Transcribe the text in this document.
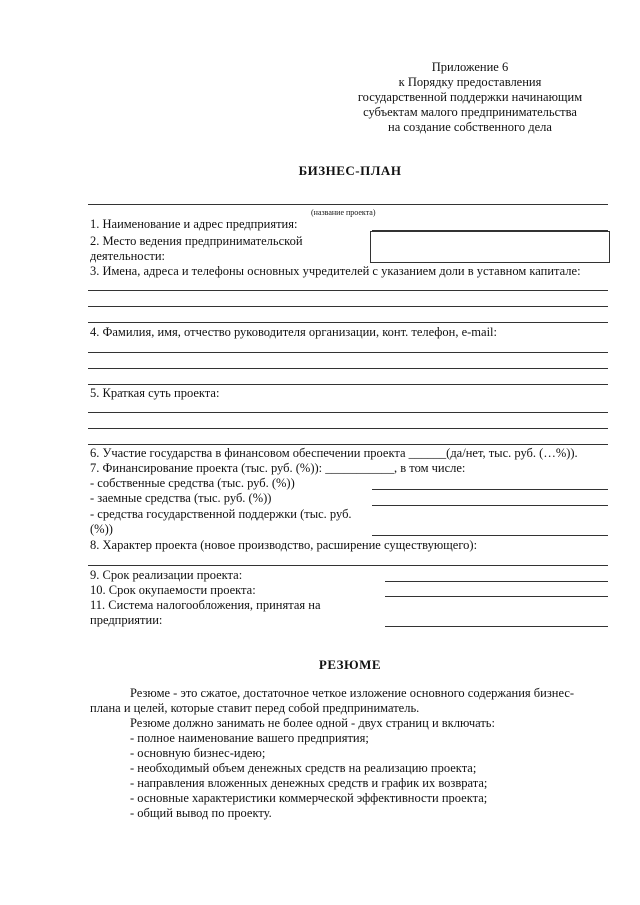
Приложение 6
к Порядку предоставления
государственной поддержки начинающим
субъектам малого предпринимательства
на создание собственного дела
БИЗНЕС-ПЛАН
(название проекта)
1. Наименование и адрес предприятия:
2. Место ведения предпринимательской
деятельности:
3. Имена, адреса и телефоны основных учредителей с указанием доли в уставном капитале:
4. Фамилия, имя, отчество руководителя организации, конт. телефон, e-mail:
5. Краткая суть проекта:
6. Участие государства в финансовом обеспечении проекта ______(да/нет, тыс. руб. (…%)).
7. Финансирование проекта (тыс. руб. (%)): ___________, в том числе:
- собственные средства (тыс. руб. (%))
- заемные средства (тыс. руб. (%))
- средства государственной поддержки (тыс. руб.
(%))
8. Характер проекта (новое производство, расширение существующего):
9. Срок реализации проекта:
10. Срок окупаемости проекта:
11. Система налогообложения, принятая на
предприятии:
РЕЗЮМЕ
Резюме - это сжатое, достаточное четкое изложение основного содержания бизнес-
плана и целей, которые ставит перед собой предприниматель.
Резюме должно занимать не более одной - двух страниц и включать:
- полное наименование вашего предприятия;
- основную бизнес-идею;
- необходимый объем денежных средств на реализацию проекта;
- направления вложенных денежных средств и график их возврата;
- основные характеристики коммерческой эффективности проекта;
- общий вывод по проекту.
